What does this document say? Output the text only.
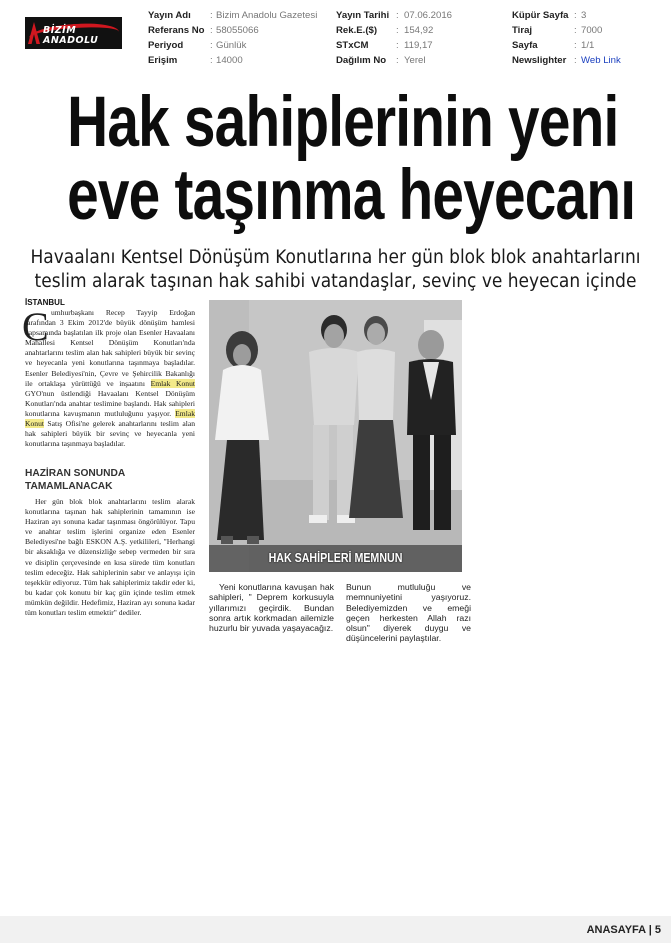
BİZİM
ANADOLU
Yayın Adı : Bizim Anadolu Gazetesi
Referans No : 58055066
Periyod	: Günlük
Erişim	: 14000
Yayın Tarihi : 07.06.2016
Rek.E.($) : 154,92
STxCM	: 119,17
Dağılım No : Yerel
Küpür Sayfa : 3
Tiraj	: 7000
Sayfa	: 1/1
Newslighter : Web Link
Hak sahiplerinin yeni
eve taşınma heyecanı
Havaalanı Kentsel Dönüşüm Konutlarına her gün blok blok anahtarlarını
teslim alarak taşınan hak sahibi vatandaşlar, sevinç ve heyecan içinde
İSTANBUL
C umhurbaşkanı Recep Tayyip Erdoğan tarafından 3 Ekim 2012'de büyük dönüşüm hamlesi kapsamında başlatılan ilk proje olan Esenler Havaalanı Mahallesi Kentsel Dönüşüm Konutları'nda anahtarlarını teslim alan hak sahipleri büyük bir sevinç ve heyecanla yeni konutlarına taşınmaya başladılar. Esenler Belediyesi'nin, Çevre ve Şehircilik Bakanlığı ile ortaklaşa yürüttüğü ve inşaatını Emlak Konut GYO'nun üstlendiği Havaalanı Kentsel Dönüşüm Konutları'nda anahtar teslimine başlandı. Hak sahipleri konutlarına kavuşmanın mutluluğunu yaşıyor. Emlak Konut Satış Ofisi'ne gelerek anahtarlarını teslim alan hak sahipleri büyük bir sevinç ve heyecanla yeni konutlarına taşınmaya başladılar.
HAZİRAN SONUNDA
TAMAMLANACAK
Her gün blok blok anahtarlarını teslim alarak konutlarına taşınan hak sahiplerinin tamamının ise Haziran ayı sonuna kadar taşınması öngörülüyor. Tapu ve anahtar teslim işlerini organize eden Esenler Belediyesi'ne bağlı ESKON A.Ş. yetkilileri, "Herhangi bir aksaklığa ve düzensizliğe sebep vermeden bir sıra ve disiplin çerçevesinde en kısa sürede tüm konutları teslim edeceğiz. Hak sahiplerinin sabır ve anlayışı için teşekkür ediyoruz. Tüm hak sahiplerimiz takdir eder ki, bu kadar çok konutu bir kaç gün içinde teslim etmek mümkün değildir. Hedefimiz, Haziran ayı sonuna kadar tüm konutları teslim etmektir" dediler.
HAK SAHİPLERİ MEMNUN
Yeni konutlarına kavuşan hak sahipleri, " Deprem korkusuyla yıllarımızı geçirdik. Bundan sonra artık korkmadan ailemizle huzurlu bir yuvada yaşayacağız.
Bunun mutluluğu ve memnuniyetini yaşıyoruz. Belediyemizden ve emeği geçen herkesten Allah razı olsun" diyerek duygu ve düşüncelerini paylaştılar.
ANASAYFA | 5
